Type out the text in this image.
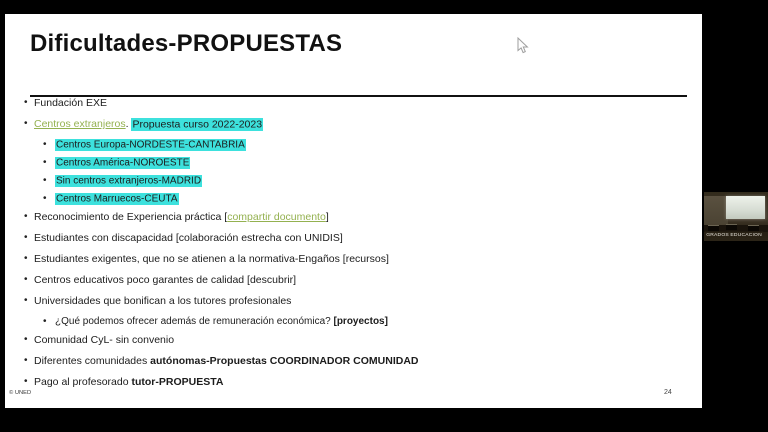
Dificultades-PROPUESTAS
• Fundación EXE
• Centros extranjeros. Propuesta curso 2022-2023
• Centros Europa-NORDESTE-CANTABRIA
• Centros América-NOROESTE
• Sin centros extranjeros-MADRID
• Centros Marruecos-CEUTA
• Reconocimiento de Experiencia práctica [compartir documento]
• Estudiantes con discapacidad [colaboración estrecha con UNIDIS]
• Estudiantes exigentes, que no se atienen a la normativa-Engaños [recursos]
• Centros educativos poco garantes de calidad [descubrir]
• Universidades que bonifican a los tutores profesionales
• ¿Qué podemos ofrecer además de remuneración económica? [proyectos]
• Comunidad CyL- sin convenio
• Diferentes comunidades autónomas-Propuestas COORDINADOR COMUNIDAD
• Pago al profesorado tutor-PROPUESTA
© UNED	24
GRADOS EDUCACION
